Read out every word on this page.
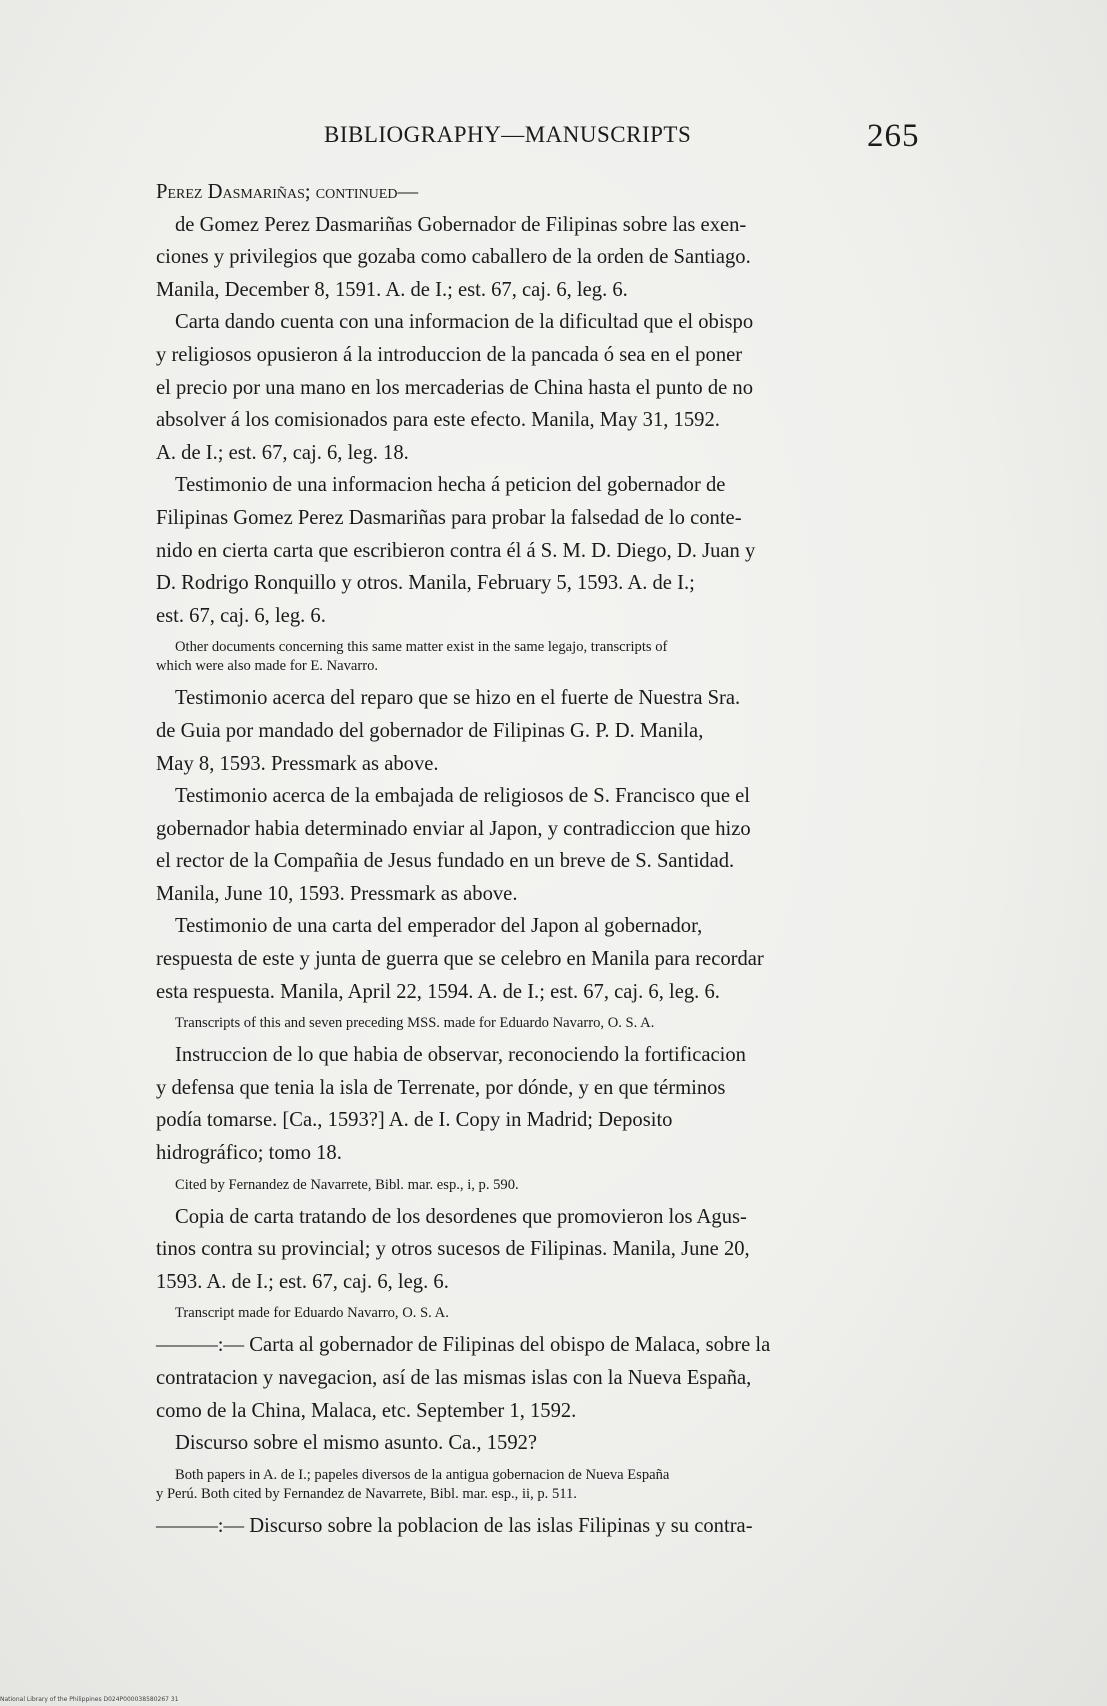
BIBLIOGRAPHY—MANUSCRIPTS	265
Perez Dasmariñas; continued—
de Gomez Perez Dasmariñas Gobernador de Filipinas sobre las exen-
ciones y privilegios que gozaba como caballero de la orden de Santiago.
Manila, December 8, 1591. A. de I.; est. 67, caj. 6, leg. 6.
Carta dando cuenta con una informacion de la dificultad que el obispo
y religiosos opusieron á la introduccion de la pancada ó sea en el poner
el precio por una mano en los mercaderias de China hasta el punto de no
absolver á los comisionados para este efecto. Manila, May 31, 1592.
A. de I.; est. 67, caj. 6, leg. 18.
Testimonio de una informacion hecha á peticion del gobernador de
Filipinas Gomez Perez Dasmariñas para probar la falsedad de lo conte-
nido en cierta carta que escribieron contra él á S. M. D. Diego, D. Juan y
D. Rodrigo Ronquillo y otros. Manila, February 5, 1593. A. de I.;
est. 67, caj. 6, leg. 6.
Other documents concerning this same matter exist in the same legajo, transcripts of
which were also made for E. Navarro.
Testimonio acerca del reparo que se hizo en el fuerte de Nuestra Sra.
de Guia por mandado del gobernador de Filipinas G. P. D. Manila,
May 8, 1593. Pressmark as above.
Testimonio acerca de la embajada de religiosos de S. Francisco que el
gobernador habia determinado enviar al Japon, y contradiccion que hizo
el rector de la Compañia de Jesus fundado en un breve de S. Santidad.
Manila, June 10, 1593. Pressmark as above.
Testimonio de una carta del emperador del Japon al gobernador,
respuesta de este y junta de guerra que se celebro en Manila para recordar
esta respuesta. Manila, April 22, 1594. A. de I.; est. 67, caj. 6, leg. 6.
Transcripts of this and seven preceding MSS. made for Eduardo Navarro, O. S. A.
Instruccion de lo que habia de observar, reconociendo la fortificacion
y defensa que tenia la isla de Terrenate, por dónde, y en que términos
podía tomarse. [Ca., 1593?] A. de I. Copy in Madrid; Deposito
hidrográfico; tomo 18.
Cited by Fernandez de Navarrete, Bibl. mar. esp., i, p. 590.
Copia de carta tratando de los desordenes que promovieron los Agus-
tinos contra su provincial; y otros sucesos de Filipinas. Manila, June 20,
1593. A. de I.; est. 67, caj. 6, leg. 6.
Transcript made for Eduardo Navarro, O. S. A.
———:— Carta al gobernador de Filipinas del obispo de Malaca, sobre la
contratacion y navegacion, así de las mismas islas con la Nueva España,
como de la China, Malaca, etc. September 1, 1592.
Discurso sobre el mismo asunto. Ca., 1592?
Both papers in A. de I.; papeles diversos de la antigua gobernacion de Nueva España
y Perú. Both cited by Fernandez de Navarrete, Bibl. mar. esp., ii, p. 511.
———:— Discurso sobre la poblacion de las islas Filipinas y su contra-
National Library of the Philippines D024P000038580267 31
